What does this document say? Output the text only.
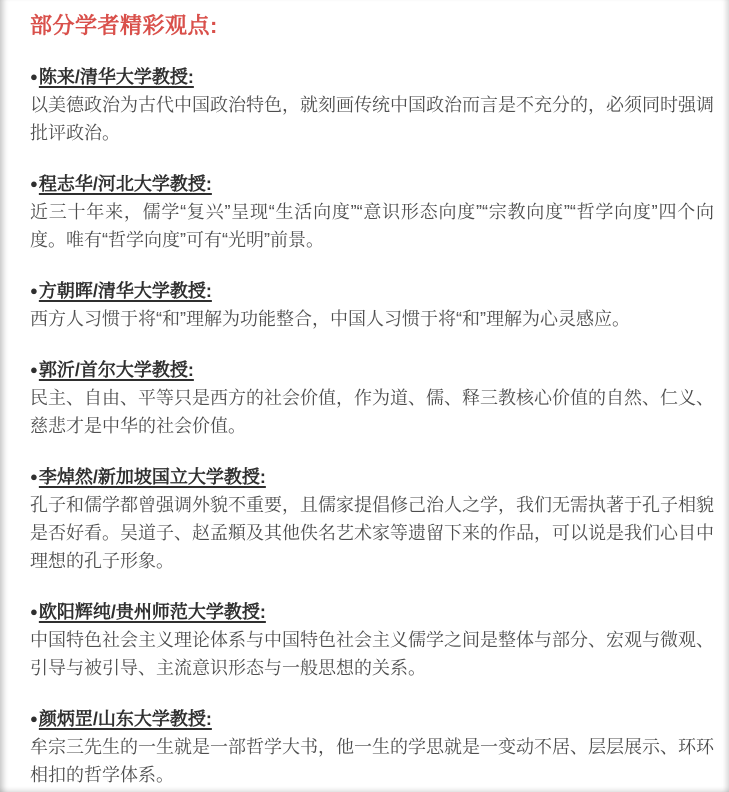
部分学者精彩观点:
●陈来/清华大学教授:

以美德政治为古代中国政治特色，就刻画传统中国政治而言是不充分的，必须同时强调批评政治。

●程志华/河北大学教授:

近三十年来，儒学“复兴”呈现“生活向度”“意识形态向度”“宗教向度”“哲学向度”四个向度。唯有“哲学向度”可有“光明”前景。

●方朝晖/清华大学教授:

西方人习惯于将“和”理解为功能整合，中国人习惯于将“和”理解为心灵感应。

●郭沂/首尔大学教授:

民主、自由、平等只是西方的社会价值，作为道、儒、释三教核心价值的自然、仁义、慈悲才是中华的社会价值。

●李焯然/新加坡国立大学教授:

孔子和儒学都曾强调外貌不重要，且儒家提倡修己治人之学，我们无需执著于孔子相貌是否好看。吴道子、赵孟頫及其他佚名艺术家等遗留下来的作品，可以说是我们心目中理想的孔子形象。

●欧阳辉纯/贵州师范大学教授:

中国特色社会主义理论体系与中国特色社会主义儒学之间是整体与部分、宏观与微观、引导与被引导、主流意识形态与一般思想的关系。

●颜炳罡/山东大学教授:

牟宗三先生的一生就是一部哲学大书，他一生的学思就是一变动不居、层层展示、环环相扣的哲学体系。
